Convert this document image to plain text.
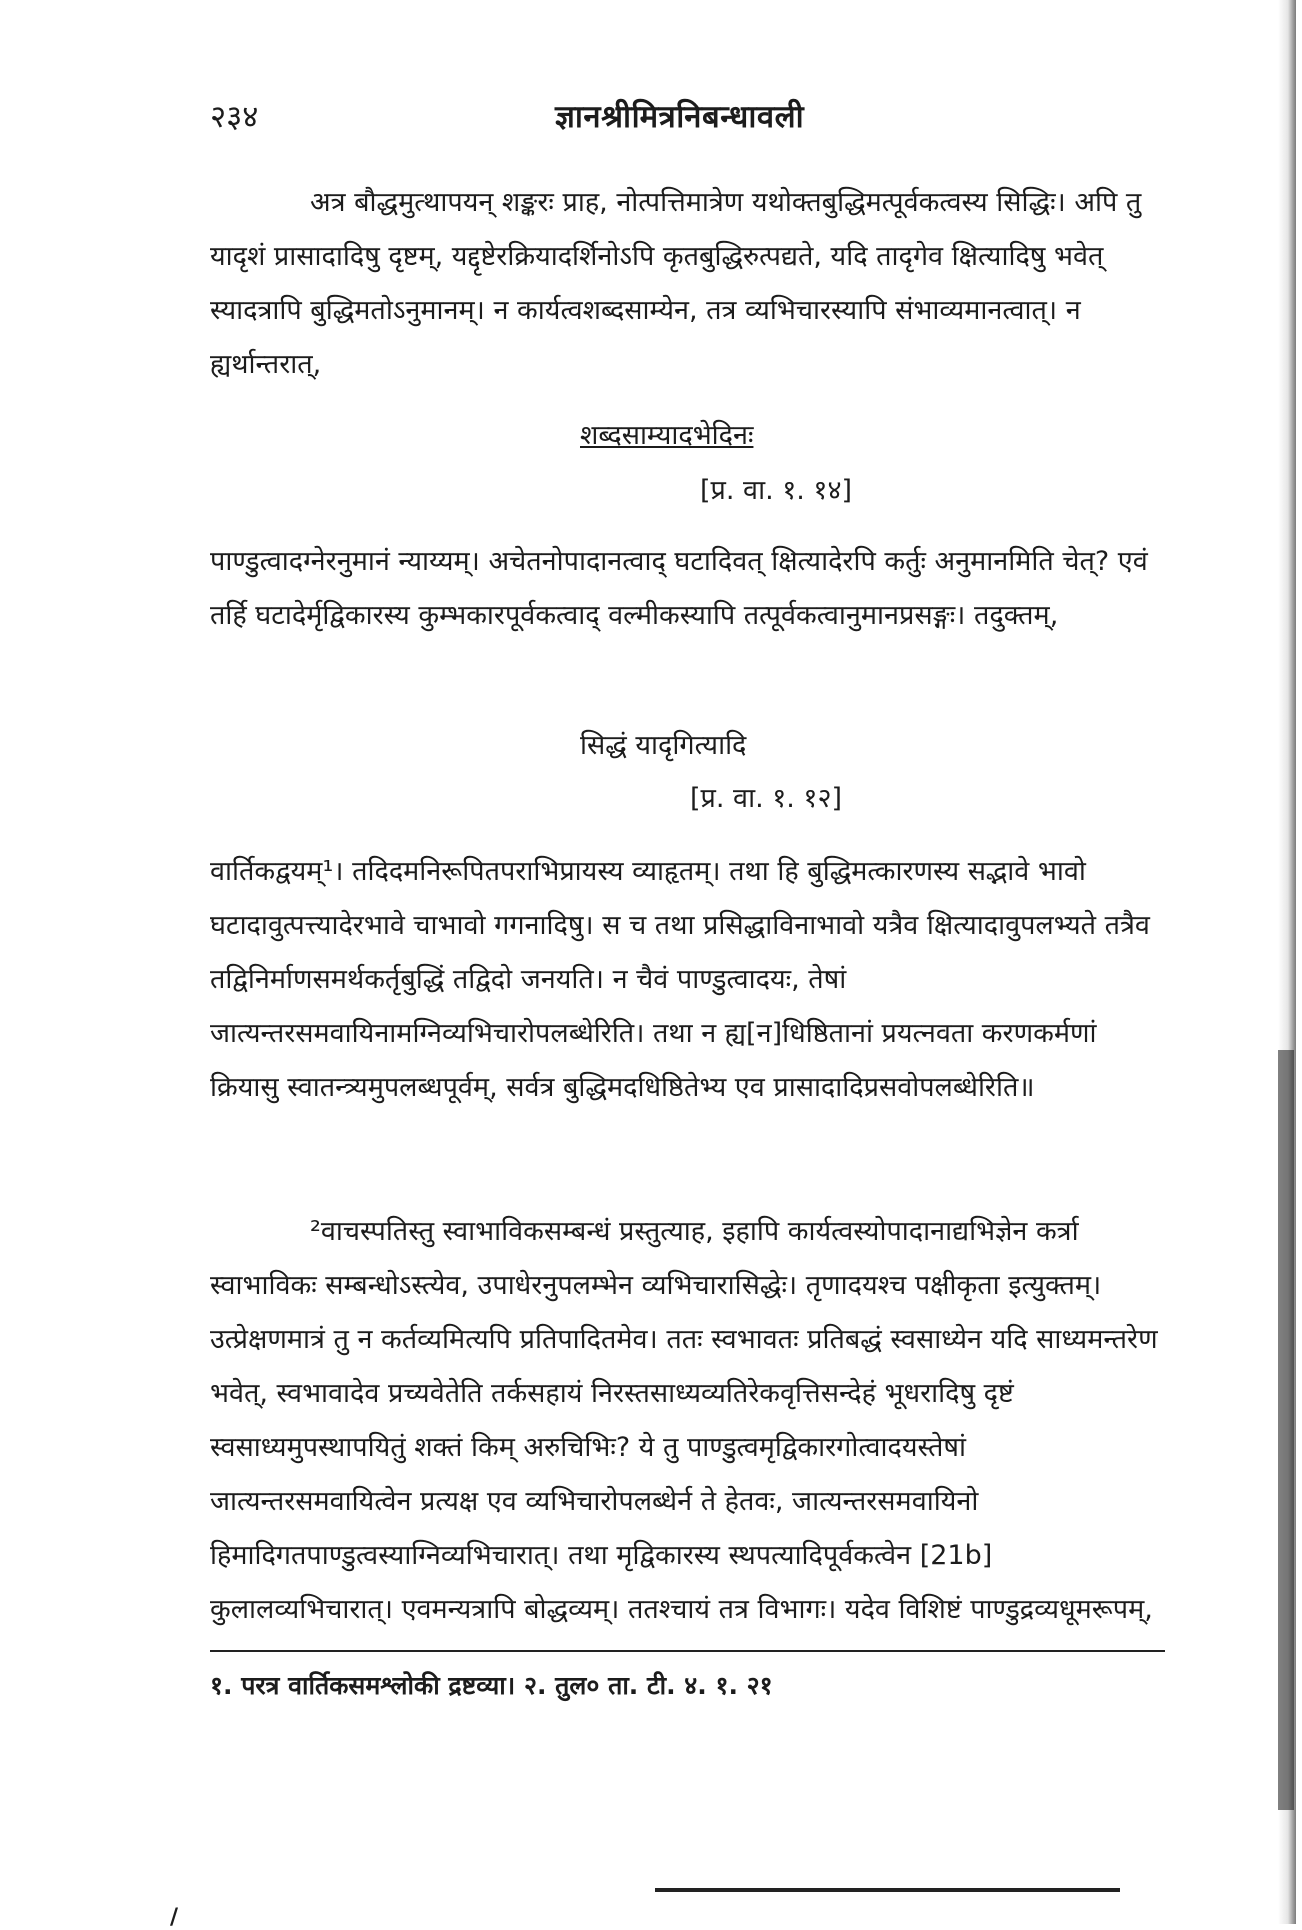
२३४	ज्ञानश्रीमित्रनिबन्धावली

अत्र बौद्धमुत्थापयन् शङ्करः प्राह, नोत्पत्तिमात्रेण यथोक्तबुद्धिमत्पूर्वकत्वस्य सिद्धिः। अपि तु यादृशं प्रासादादिषु दृष्टम्, यद्दृष्टेरक्रियादर्शिनोऽपि कृतबुद्धिरुत्पद्यते, यदि तादृगेव क्षित्यादिषु भवेत् स्यादत्रापि बुद्धिमतोऽनुमानम्। न कार्यत्वशब्दसाम्येन, तत्र व्यभिचारस्यापि संभाव्यमानत्वात्। न ह्यर्थान्तरात्,

शब्दसाम्यादभेदिनः
[प्र. वा. १. १४]

पाण्डुत्वादग्नेरनुमानं न्याय्यम्। अचेतनोपादानत्वाद् घटादिवत् क्षित्यादेरपि कर्तुः अनुमानमिति चेत्? एवं तर्हि घटादेर्मृद्विकारस्य कुम्भकारपूर्वकत्वाद् वल्मीकस्यापि तत्पूर्वकत्वानुमानप्रसङ्गः। तदुक्तम्,

सिद्धं यादृगित्यादि
[प्र. वा. १. १२]

वार्तिकद्वयम्¹। तदिदमनिरूपितपराभिप्रायस्य व्याहृतम्। तथा हि बुद्धिमत्कारणस्य सद्भावे भावो घटादावुत्पत्त्यादेरभावे चाभावो गगनादिषु। स च तथा प्रसिद्धाविनाभावो यत्रैव क्षित्यादावुपलभ्यते तत्रैव तद्विनिर्माणसमर्थकर्तृबुद्धिं तद्विदो जनयति। न चैवं पाण्डुत्वादयः, तेषां जात्यन्तरसमवायिनामग्निव्यभिचारोपलब्धेरिति। तथा न ह्य[न]धिष्ठितानां प्रयत्नवता करणकर्मणां क्रियासु स्वातन्त्र्यमुपलब्धपूर्वम्, सर्वत्र बुद्धिमदधिष्ठितेभ्य एव प्रासादादिप्रसवोपलब्धेरिति॥

²वाचस्पतिस्तु स्वाभाविकसम्बन्धं प्रस्तुत्याह, इहापि कार्यत्वस्योपादानाद्यभिज्ञेन कर्त्रा स्वाभाविकः सम्बन्धोऽस्त्येव, उपाधेरनुपलम्भेन व्यभिचारासिद्धेः। तृणादयश्च पक्षीकृता इत्युक्तम्। उत्प्रेक्षणमात्रं तु न कर्तव्यमित्यपि प्रतिपादितमेव। ततः स्वभावतः प्रतिबद्धं स्वसाध्येन यदि साध्यमन्तरेण भवेत्, स्वभावादेव प्रच्यवेतेति तर्कसहायं निरस्तसाध्यव्यतिरेकवृत्तिसन्देहं भूधरादिषु दृष्टं स्वसाध्यमुपस्थापयितुं शक्तं किम् अरुचिभिः? ये तु पाण्डुत्वमृद्विकारगोत्वादयस्तेषां जात्यन्तरसमवायित्वेन प्रत्यक्ष एव व्यभिचारोपलब्धेर्न ते हेतवः, जात्यन्तरसमवायिनो हिमादिगतपाण्डुत्वस्याग्निव्यभिचारात्। तथा मृद्विकारस्य स्थपत्यादिपूर्वकत्वेन [21b] कुलालव्यभिचारात्। एवमन्यत्रापि बोद्धव्यम्। ततश्चायं तत्र विभागः। यदेव विशिष्टं पाण्डुद्रव्यधूमरूपम्,

१. परत्र वार्तिकसमश्लोकी द्रष्टव्या। २. तुल० ता. टी. ४. १. २१
/
